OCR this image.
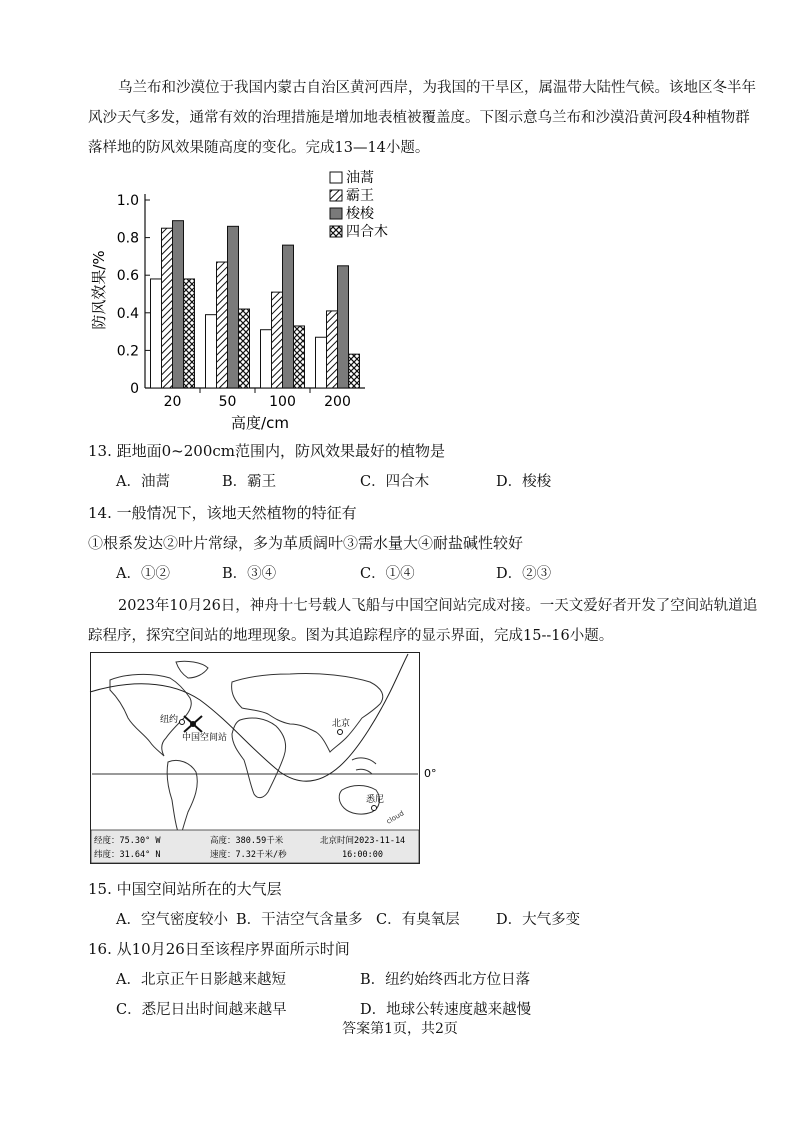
乌兰布和沙漠位于我国内蒙古自治区黄河西岸，为我国的干旱区，属温带大陆性气候。该地区冬半年
风沙天气多发，通常有效的治理措施是增加地表植被覆盖度。下图示意乌兰布和沙漠沿黄河段4种植物群
落样地的防风效果随高度的变化。完成13—14小题。
20	50 100 200
0
0.2
0.4
0.6
0.8
1.0
油蒿
霸王
梭梭
四合木
防风效果/%
高度/cm
13. 距地面0~200cm范围内，防风效果最好的植物是
A．油蒿	B．霸王	C．四合木	D．梭梭
14. 一般情况下，该地天然植物的特征有
①根系发达②叶片常绿，多为革质阔叶③需水量大④耐盐碱性较好
A．①②	B．③④	C．①④	D．②③
2023年10月26日，神舟十七号载人飞船与中国空间站完成对接。一天文爱好者开发了空间站轨道追
踪程序，探究空间站的地理现象。图为其追踪程序的显示界面，完成15--16小题。
0°
纽约
中国空间站
北京
悉尼
cloud
经度：75.30° W
纬度：31.64° N
高度：380.59千米
速度：7.32千米/秒
北京时间2023-11-14
16:00:00
15. 中国空间站所在的大气层
A．空气密度较小 B．干洁空气含量多 C．有臭氧层	D．大气多变
16. 从10月26日至该程序界面所示时间
A．北京正午日影越来越短	B．纽约始终西北方位日落
C．悉尼日出时间越来越早	D．地球公转速度越来越慢
答案第1页，共2页
